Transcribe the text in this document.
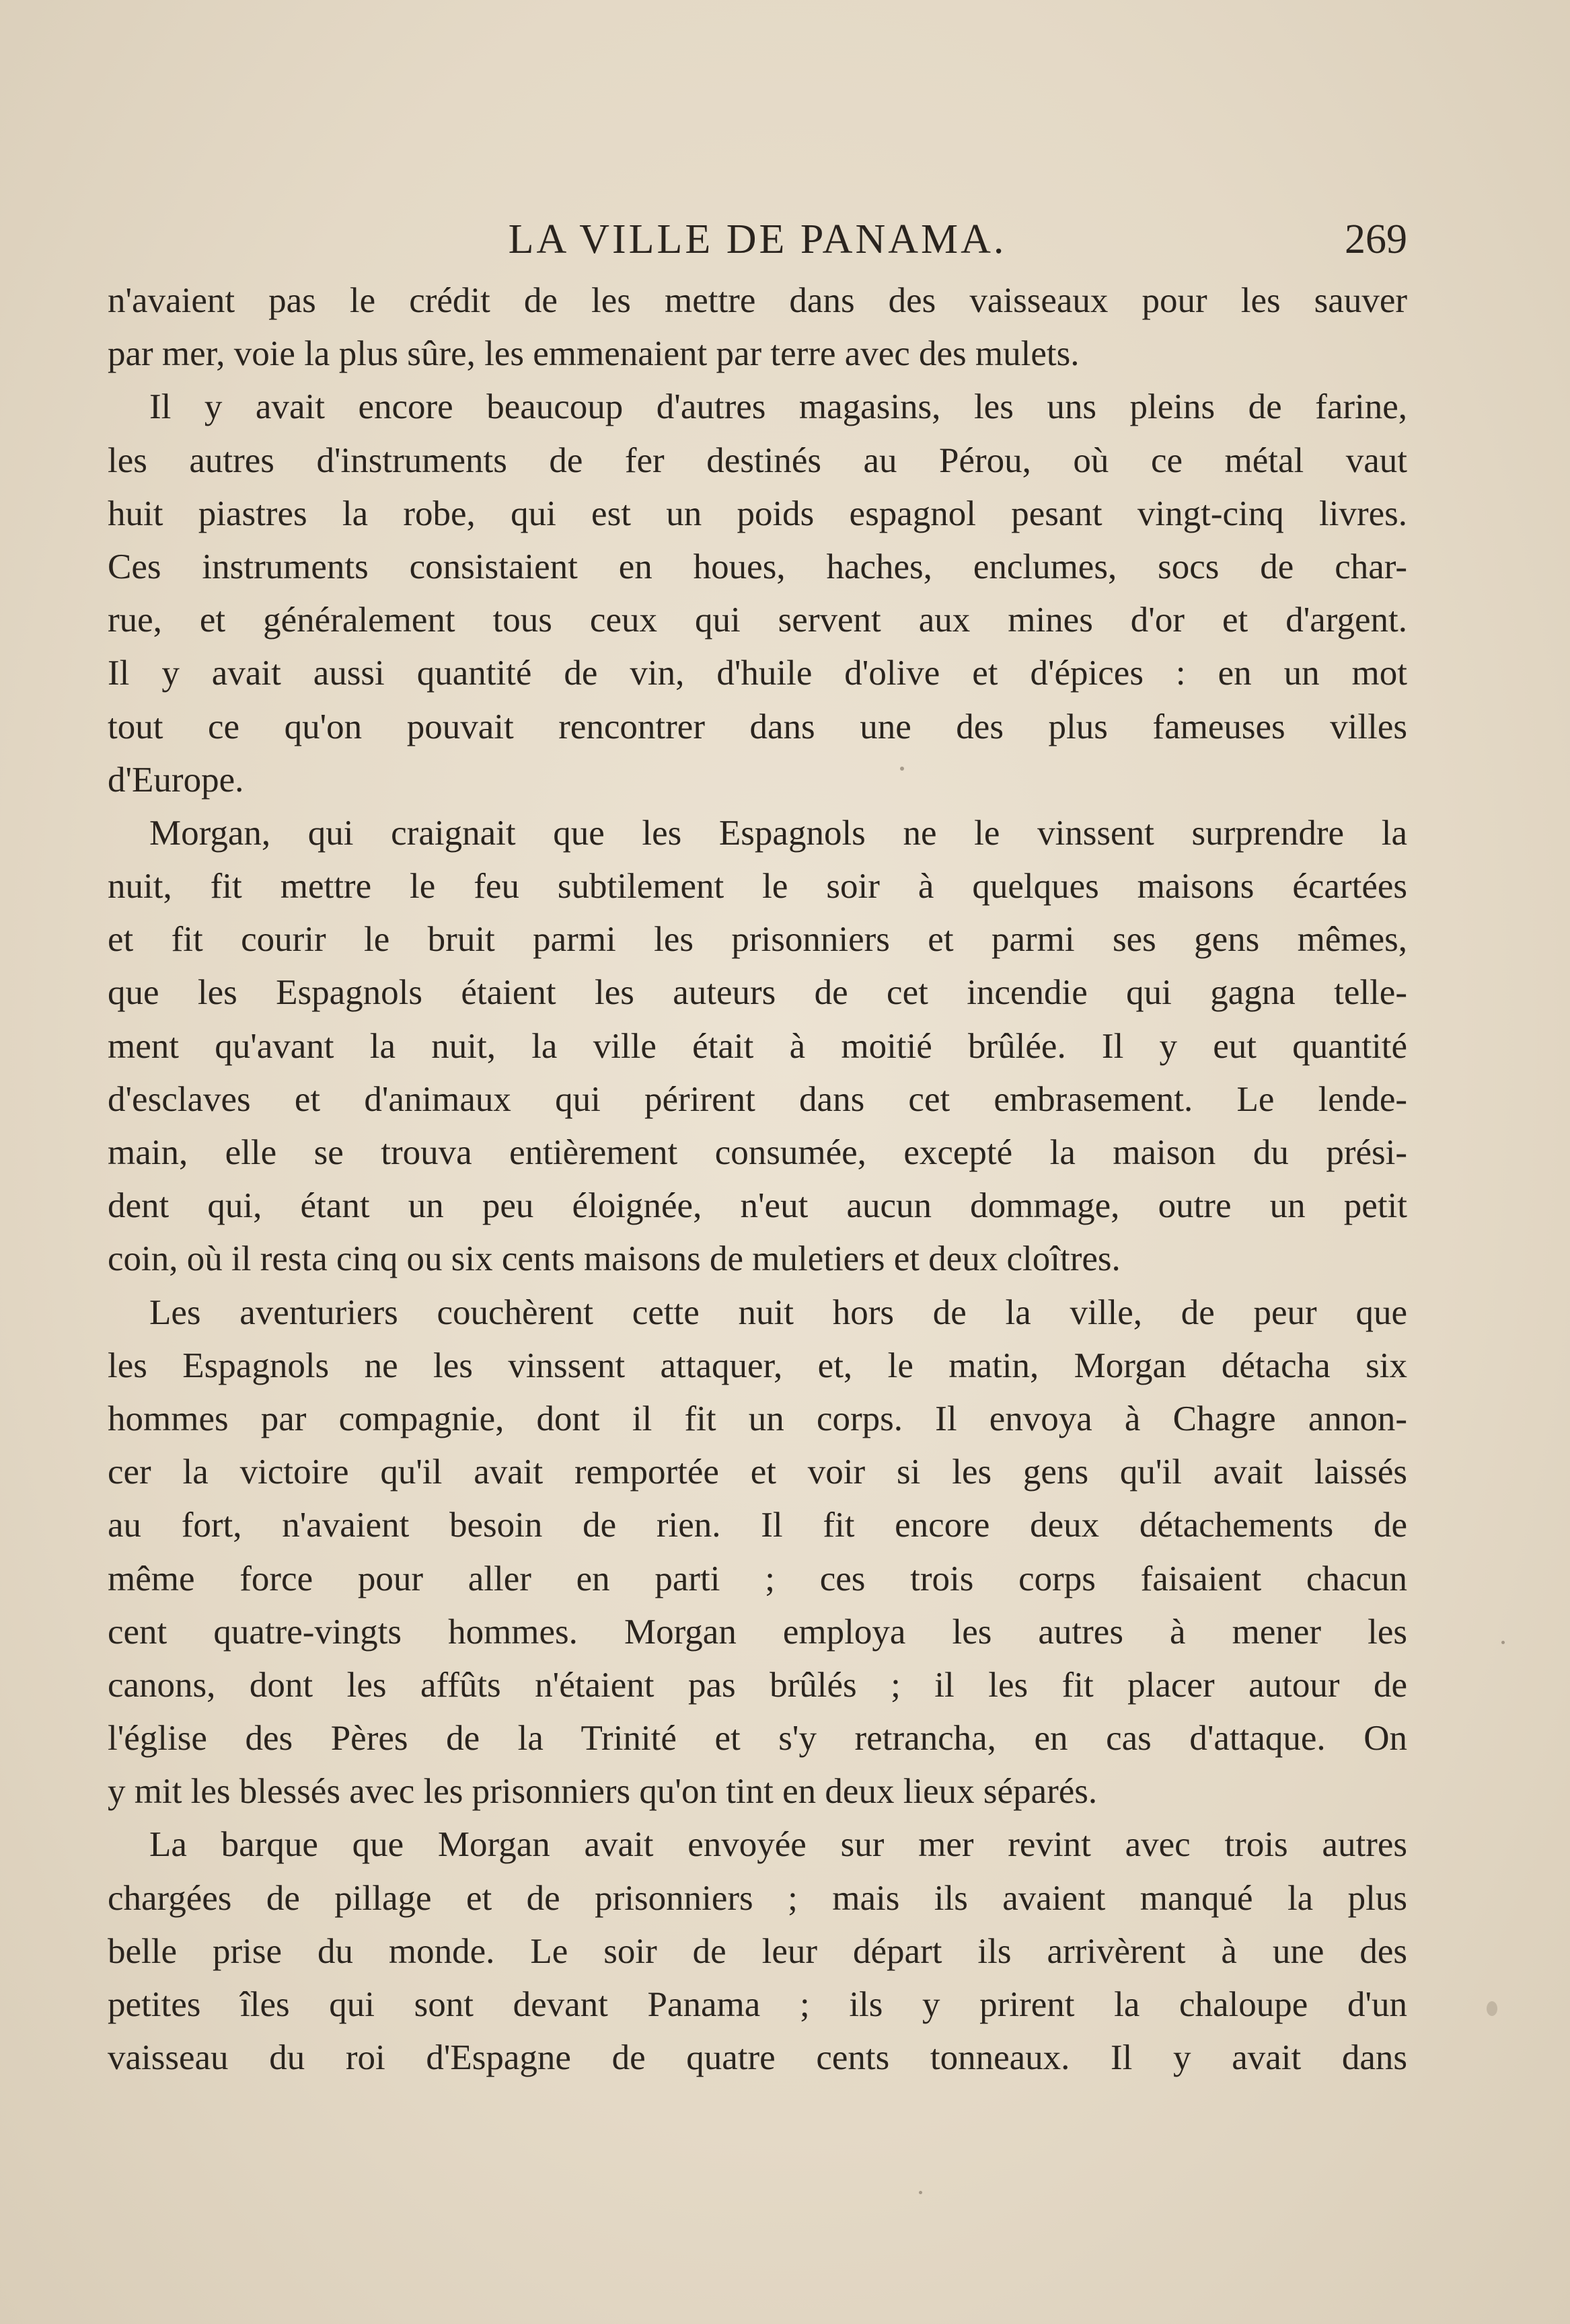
LA VILLE DE PANAMA.	269
n'avaient pas le crédit de les mettre dans des vaisseaux pour les sauver
par mer, voie la plus sûre, les emmenaient par terre avec des mulets.
Il y avait encore beaucoup d'autres magasins, les uns pleins de farine,
les autres d'instruments de fer destinés au Pérou, où ce métal vaut
huit piastres la robe, qui est un poids espagnol pesant vingt-cinq livres.
Ces instruments consistaient en houes, haches, enclumes, socs de char-
rue, et généralement tous ceux qui servent aux mines d'or et d'argent.
Il y avait aussi quantité de vin, d'huile d'olive et d'épices : en un mot
tout ce qu'on pouvait rencontrer dans une des plus fameuses villes
d'Europe.
Morgan, qui craignait que les Espagnols ne le vinssent surprendre la
nuit, fit mettre le feu subtilement le soir à quelques maisons écartées
et fit courir le bruit parmi les prisonniers et parmi ses gens mêmes,
que les Espagnols étaient les auteurs de cet incendie qui gagna telle-
ment qu'avant la nuit, la ville était à moitié brûlée. Il y eut quantité
d'esclaves et d'animaux qui périrent dans cet embrasement. Le lende-
main, elle se trouva entièrement consumée, excepté la maison du prési-
dent qui, étant un peu éloignée, n'eut aucun dommage, outre un petit
coin, où il resta cinq ou six cents maisons de muletiers et deux cloîtres.
Les aventuriers couchèrent cette nuit hors de la ville, de peur que
les Espagnols ne les vinssent attaquer, et, le matin, Morgan détacha six
hommes par compagnie, dont il fit un corps. Il envoya à Chagre annon-
cer la victoire qu'il avait remportée et voir si les gens qu'il avait laissés
au fort, n'avaient besoin de rien. Il fit encore deux détachements de
même force pour aller en parti ; ces trois corps faisaient chacun
cent quatre-vingts hommes. Morgan employa les autres à mener les
canons, dont les affûts n'étaient pas brûlés ; il les fit placer autour de
l'église des Pères de la Trinité et s'y retrancha, en cas d'attaque. On
y mit les blessés avec les prisonniers qu'on tint en deux lieux séparés.
La barque que Morgan avait envoyée sur mer revint avec trois autres
chargées de pillage et de prisonniers ; mais ils avaient manqué la plus
belle prise du monde. Le soir de leur départ ils arrivèrent à une des
petites îles qui sont devant Panama ; ils y prirent la chaloupe d'un
vaisseau du roi d'Espagne de quatre cents tonneaux. Il y avait dans
